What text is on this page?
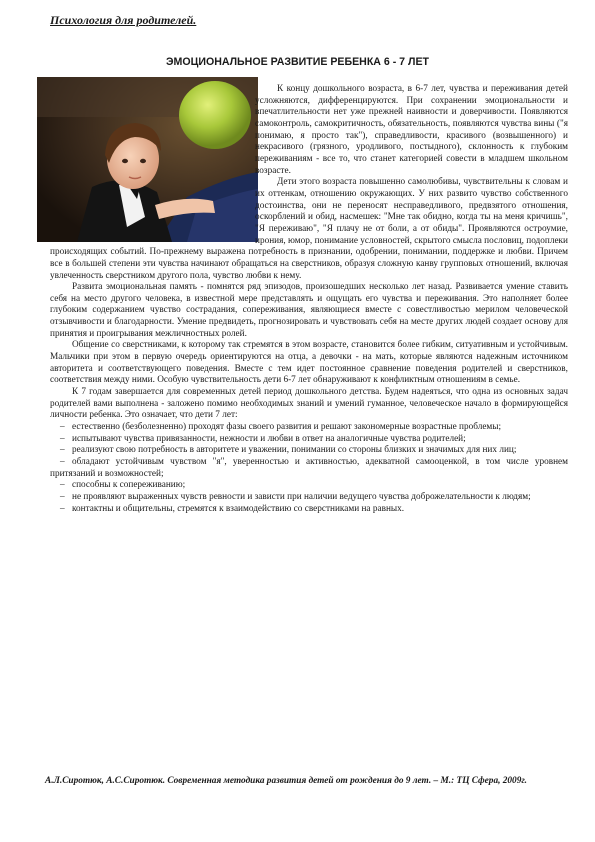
Психология для родителей.
ЭМОЦИОНАЛЬНОЕ РАЗВИТИЕ РЕБЕНКА 6 - 7 ЛЕТ

К концу дошкольного возраста, в 6-7 лет, чувства и переживания детей усложняются, дифференцируются. При сохранении эмоциональности и впечатлительности нет уже прежней наивности и доверчивости. Появляются самоконтроль, самокритичность, обязательность, появляются чувства вины ("я понимаю, я просто так"), справедливости, красивого (возвышенного) и некрасивого (грязного, уродливого, постыдного), склонность к глубоким переживаниям - все то, что станет категорией совести в младшем школьном возрасте.

Дети этого возраста повышенно самолюбивы, чувствительны к словам и их оттенкам, отношению окружающих. У них развито чувство собственного достоинства, они не переносят несправедливого, предвзятого отношения, оскорблений и обид, насмешек: "Мне так обидно, когда ты на меня кричишь", "Я переживаю", "Я плачу не от боли, а от обиды". Проявляются остроумие, ирония, юмор, понимание условностей, скрытого смысла пословиц, подоплеки происходящих событий. По-прежнему выражена потребность в признании, одобрении, понимании, поддержке и любви. Причем все в большей степени эти чувства начинают обращаться на сверстников, образуя сложную канву групповых отношений, включая увлеченность сверстником другого пола, чувство любви к нему.

Развита эмоциональная память - помнятся ряд эпизодов, произошедших несколько лет назад. Развивается умение ставить себя на место другого человека, в известной мере представлять и ощущать его чувства и переживания. Это наполняет более глубоким содержанием чувство сострадания, сопереживания, являющиеся вместе с совестливостью мерилом человеческой отзывчивости и благодарности. Умение предвидеть, прогнозировать и чувствовать себя на месте других людей создает основу для принятия и проигрывания межличностных ролей.

Общение со сверстниками, к которому так стремятся в этом возрасте, становится более гибким, ситуативным и устойчивым. Мальчики при этом в первую очередь ориентируются на отца, а девочки - на мать, которые являются надежным источником авторитета и соответствующего поведения. Вместе с тем идет постоянное сравнение поведения родителей и сверстников, соответствия между ними. Особую чувствительность дети 6-7 лет обнаруживают к конфликтным отношениям в семье.

К 7 годам завершается для современных детей период дошкольного детства. Будем надеяться, что одна из основных задач родителей вами выполнена - заложено помимо необходимых знаний и умений гуманное, человеческое начало в формирующейся личности ребенка. Это означает, что дети 7 лет:

– естественно (безболезненно) проходят фазы своего развития и решают закономерные возрастные проблемы;
– испытывают чувства привязанности, нежности и любви в ответ на аналогичные чувства родителей;
– реализуют свою потребность в авторитете и уважении, понимании со стороны близких и значимых для них лиц;
– обладают устойчивым чувством "я", уверенностью и активностью, адекватной самооценкой, в том числе уровнем притязаний и возможностей;
– способны к сопереживанию;
– не проявляют выраженных чувств ревности и зависти при наличии ведущего чувства доброжелательности к людям;
– контактны и общительны, стремятся к взаимодействию со сверстниками на равных.
А.Л.Сиротюк, А.С.Сиротюк. Современная методика развития детей от рождения до 9 лет. – М.: ТЦ Сфера, 2009г.
